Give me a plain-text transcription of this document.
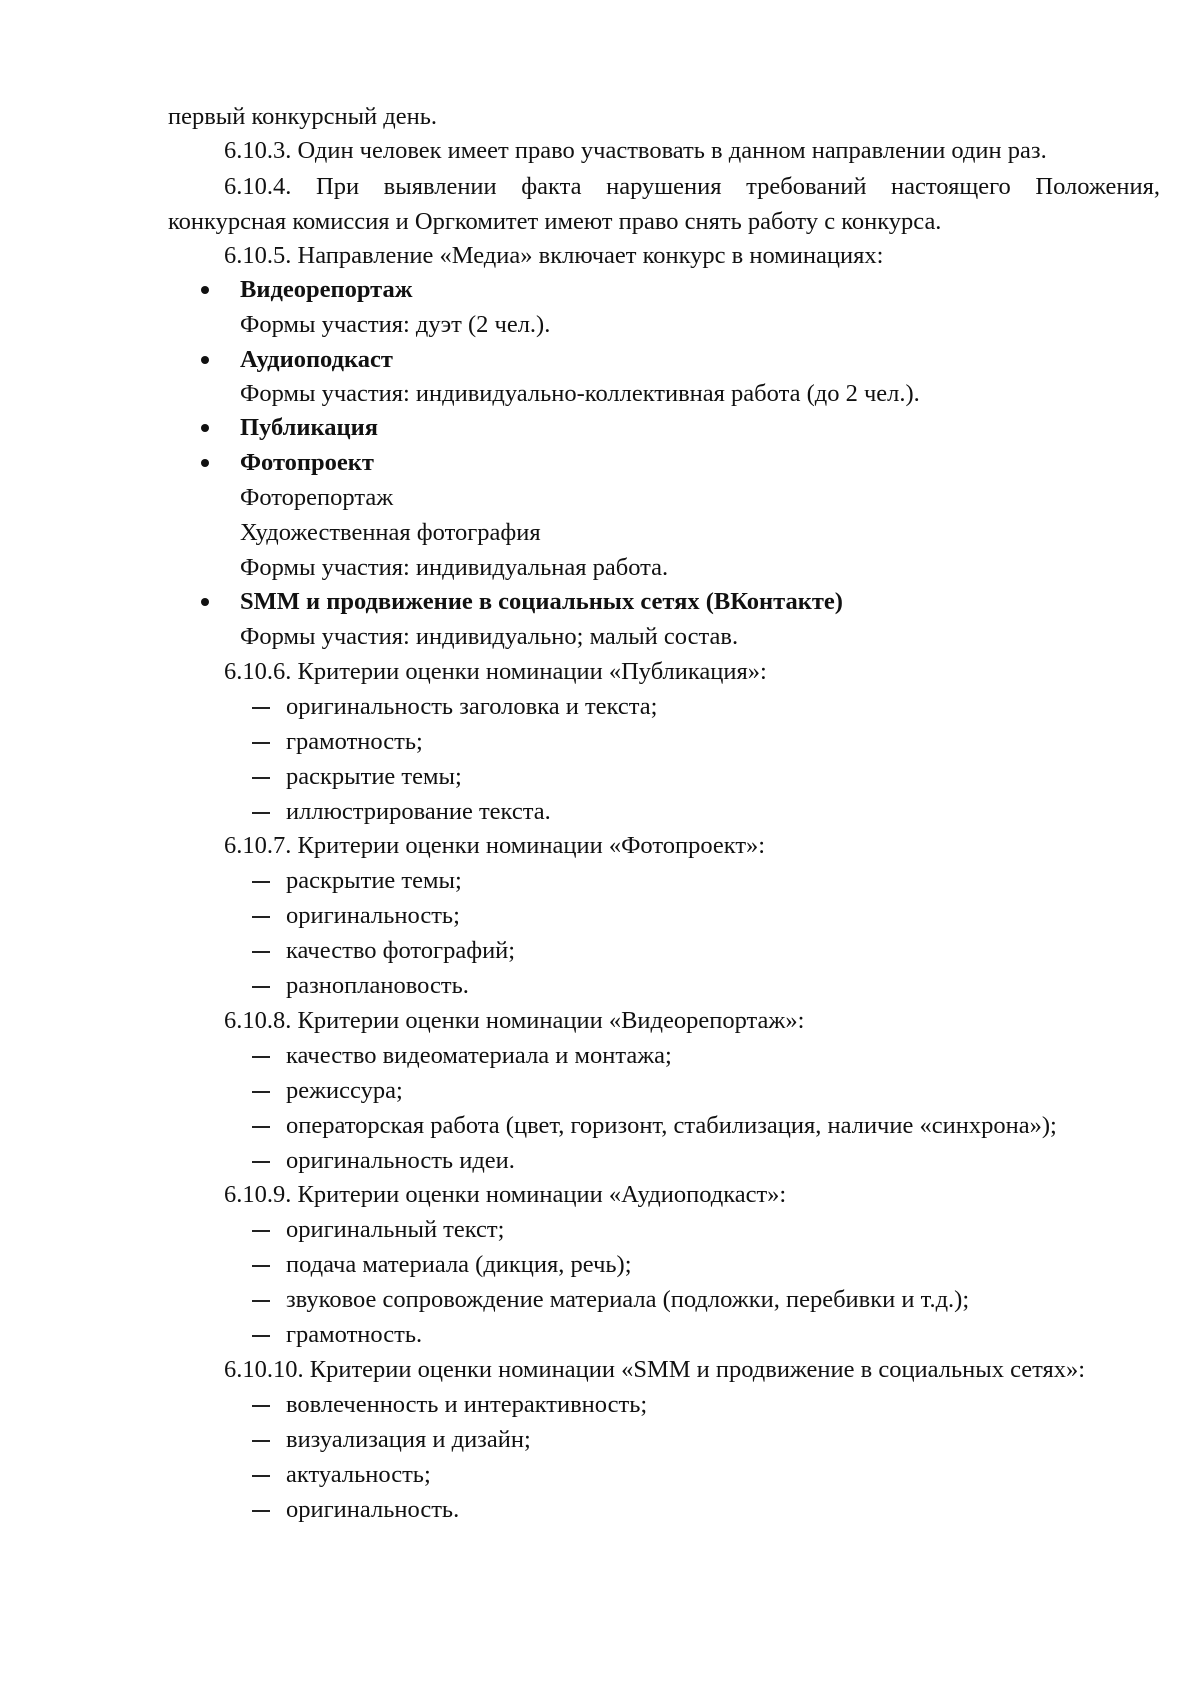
первый конкурсный день.
6.10.3. Один человек имеет право участвовать в данном направлении один раз.
6.10.4. При выявлении факта нарушения требований настоящего Положения,
конкурсная комиссия и Оргкомитет имеют право снять работу с конкурса.
6.10.5. Направление «Медиа» включает конкурс в номинациях:
Видеорепортаж
Формы участия: дуэт (2 чел.).
Аудиоподкаст
Формы участия: индивидуально-коллективная работа (до 2 чел.).
Публикация
Фотопроект
Фоторепортаж
Художественная фотография
Формы участия: индивидуальная работа.
SMM и продвижение в социальных сетях (ВКонтакте)
Формы участия: индивидуально; малый состав.
6.10.6. Критерии оценки номинации «Публикация»:
оригинальность заголовка и текста;
грамотность;
раскрытие темы;
иллюстрирование текста.
6.10.7. Критерии оценки номинации «Фотопроект»:
раскрытие темы;
оригинальность;
качество фотографий;
разноплановость.
6.10.8. Критерии оценки номинации «Видеорепортаж»:
качество видеоматериала и монтажа;
режиссура;
операторская работа (цвет, горизонт, стабилизация, наличие «синхрона»);
оригинальность идеи.
6.10.9. Критерии оценки номинации «Аудиоподкаст»:
оригинальный текст;
подача материала (дикция, речь);
звуковое сопровождение материала (подложки, перебивки и т.д.);
грамотность.
6.10.10. Критерии оценки номинации «SMM и продвижение в социальных сетях»:
вовлеченность и интерактивность;
визуализация и дизайн;
актуальность;
оригинальность.
